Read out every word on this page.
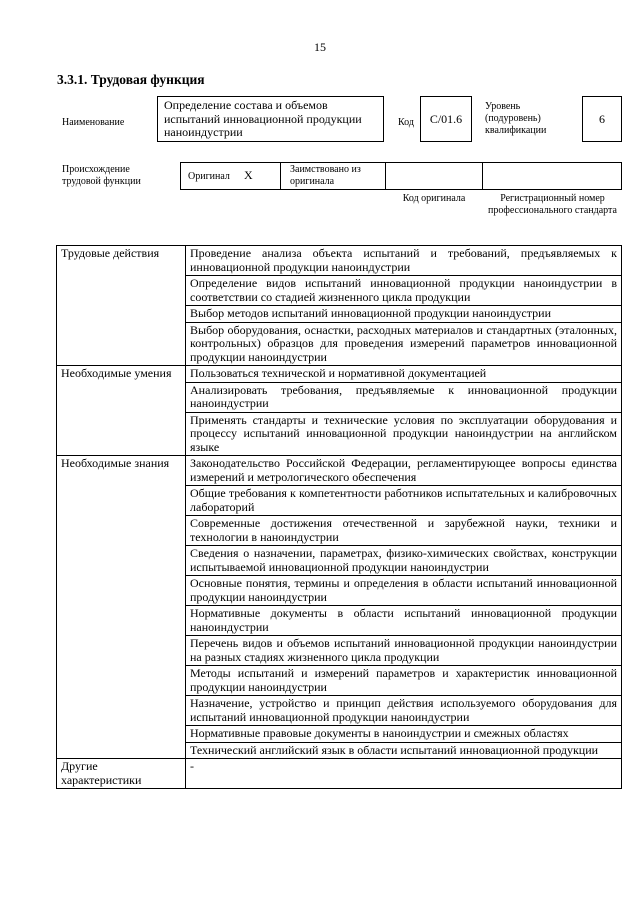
15
3.3.1. Трудовая функция
Наименование
Определение состава и объемов испытаний инновационной продукции наноиндустрии
Код	С/01.6
Уровень (подуровень) квалификации
6
Происхождение трудовой функции	Оригинал X	Заимствовано из оригинала
Код оригинала	Регистрационный номер профессионального стандарта
Трудовые действия	Проведение анализа объекта испытаний и требований, предъявляемых к инновационной продукции наноиндустрии
	Определение видов испытаний инновационной продукции наноиндустрии в соответствии со стадией жизненного цикла продукции
	Выбор методов испытаний инновационной продукции наноиндустрии
	Выбор оборудования, оснастки, расходных материалов и стандартных (эталонных, контрольных) образцов для проведения измерений параметров инновационной продукции наноиндустрии
Необходимые умения	Пользоваться технической и нормативной документацией
	Анализировать требования, предъявляемые к инновационной продукции наноиндустрии
	Применять стандарты и технические условия по эксплуатации оборудования и процессу испытаний инновационной продукции наноиндустрии на английском языке
Необходимые знания	Законодательство Российской Федерации, регламентирующее вопросы единства измерений и метрологического обеспечения
	Общие требования к компетентности работников испытательных и калибровочных лабораторий
	Современные достижения отечественной и зарубежной науки, техники и технологии в наноиндустрии
	Сведения о назначении, параметрах, физико-химических свойствах, конструкции испытываемой инновационной продукции наноиндустрии
	Основные понятия, термины и определения в области испытаний инновационной продукции наноиндустрии
	Нормативные документы в области испытаний инновационной продукции наноиндустрии
	Перечень видов и объемов испытаний инновационной продукции наноиндустрии на разных стадиях жизненного цикла продукции
	Методы испытаний и измерений параметров и характеристик инновационной продукции наноиндустрии
	Назначение, устройство и принцип действия используемого оборудования для испытаний инновационной продукции наноиндустрии
	Нормативные правовые документы в наноиндустрии и смежных областях
	Технический английский язык в области испытаний инновационной продукции
Другие характеристики	-
